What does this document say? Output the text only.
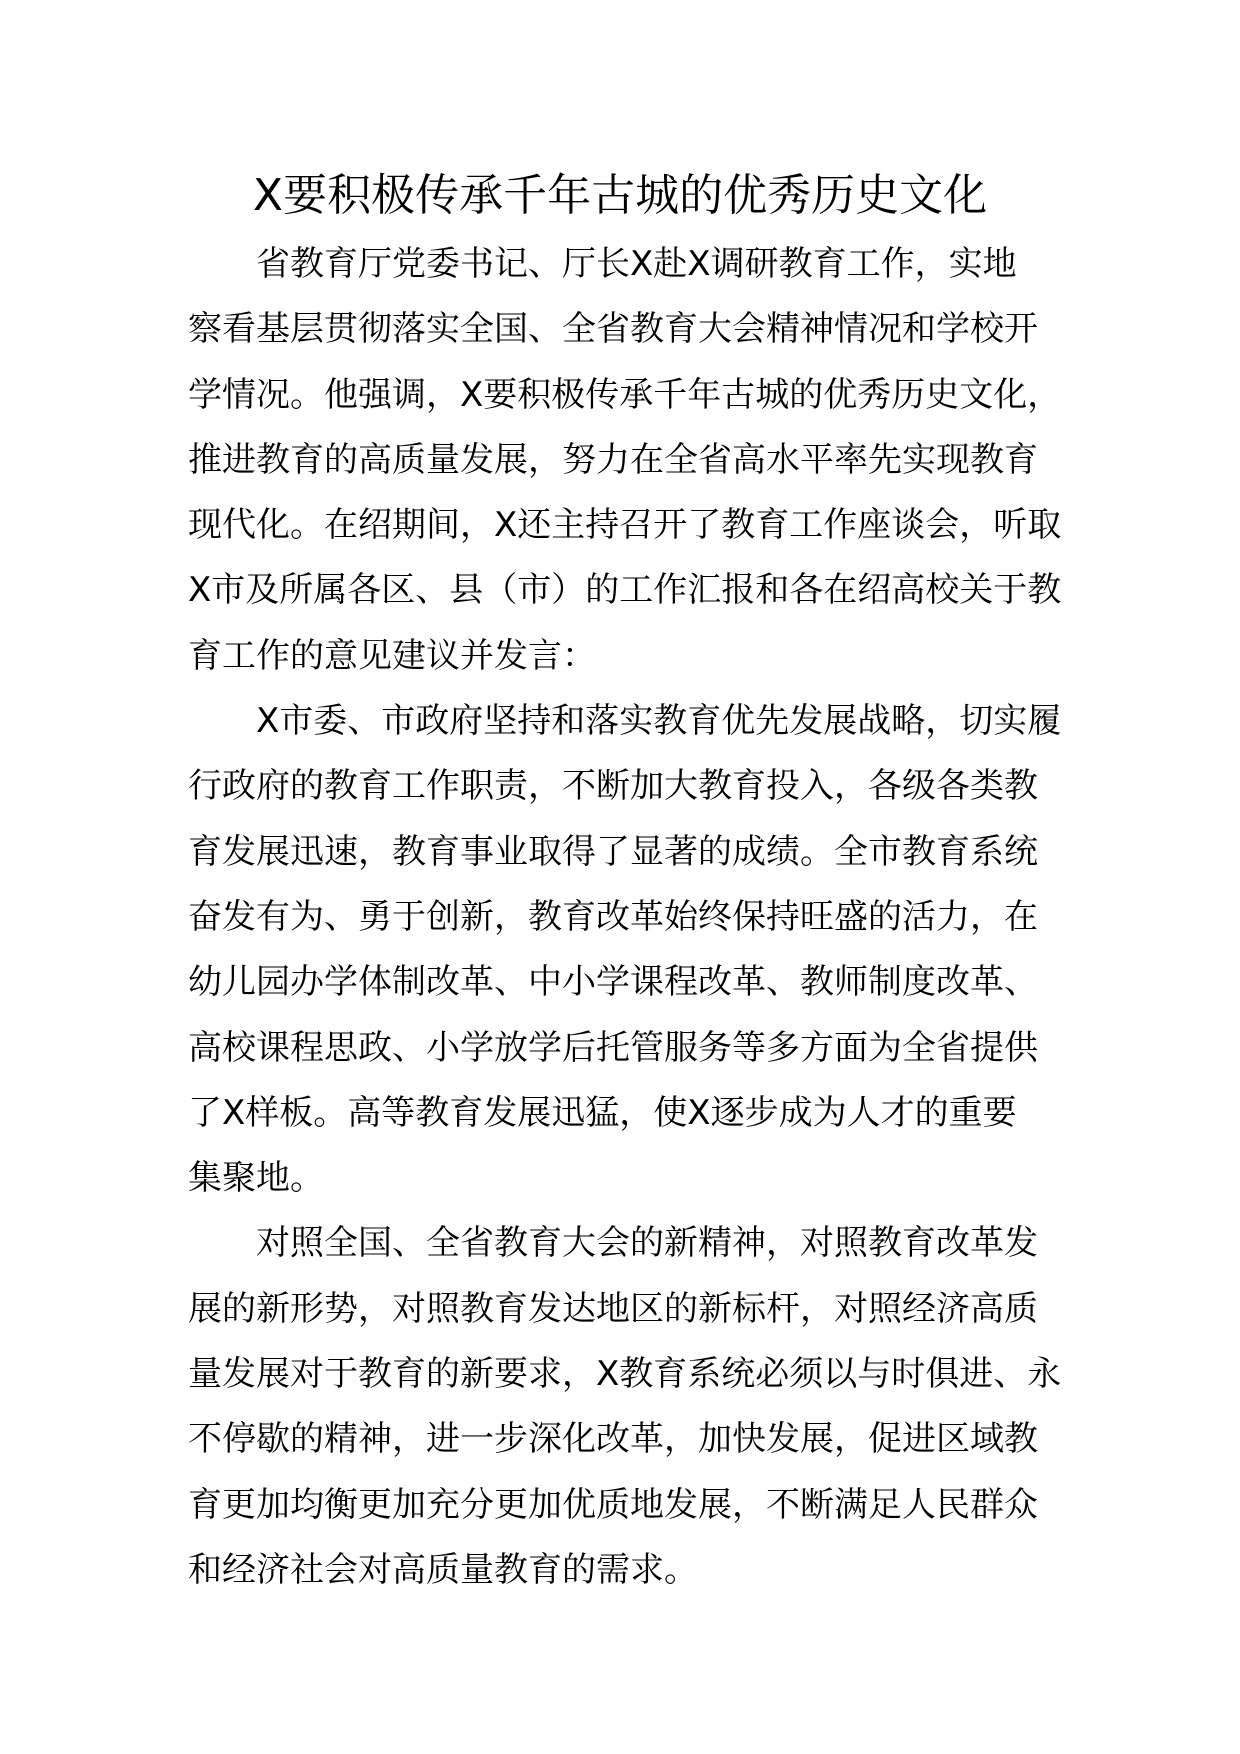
X要积极传承千年古城的优秀历史文化
省教育厅党委书记、厅长X赴X调研教育工作，实地
察看基层贯彻落实全国、全省教育大会精神情况和学校开
学情况。他强调，X要积极传承千年古城的优秀历史文化，
推进教育的高质量发展，努力在全省高水平率先实现教育
现代化。在绍期间，X还主持召开了教育工作座谈会，听取
X市及所属各区、县（市）的工作汇报和各在绍高校关于教
育工作的意见建议并发言：
X市委、市政府坚持和落实教育优先发展战略，切实履
行政府的教育工作职责，不断加大教育投入，各级各类教
育发展迅速，教育事业取得了显著的成绩。全市教育系统
奋发有为、勇于创新，教育改革始终保持旺盛的活力，在
幼儿园办学体制改革、中小学课程改革、教师制度改革、
高校课程思政、小学放学后托管服务等多方面为全省提供
了X样板。高等教育发展迅猛，使X逐步成为人才的重要
集聚地。
对照全国、全省教育大会的新精神，对照教育改革发
展的新形势，对照教育发达地区的新标杆，对照经济高质
量发展对于教育的新要求，X教育系统必须以与时俱进、永
不停歇的精神，进一步深化改革，加快发展，促进区域教
育更加均衡更加充分更加优质地发展，不断满足人民群众
和经济社会对高质量教育的需求。
